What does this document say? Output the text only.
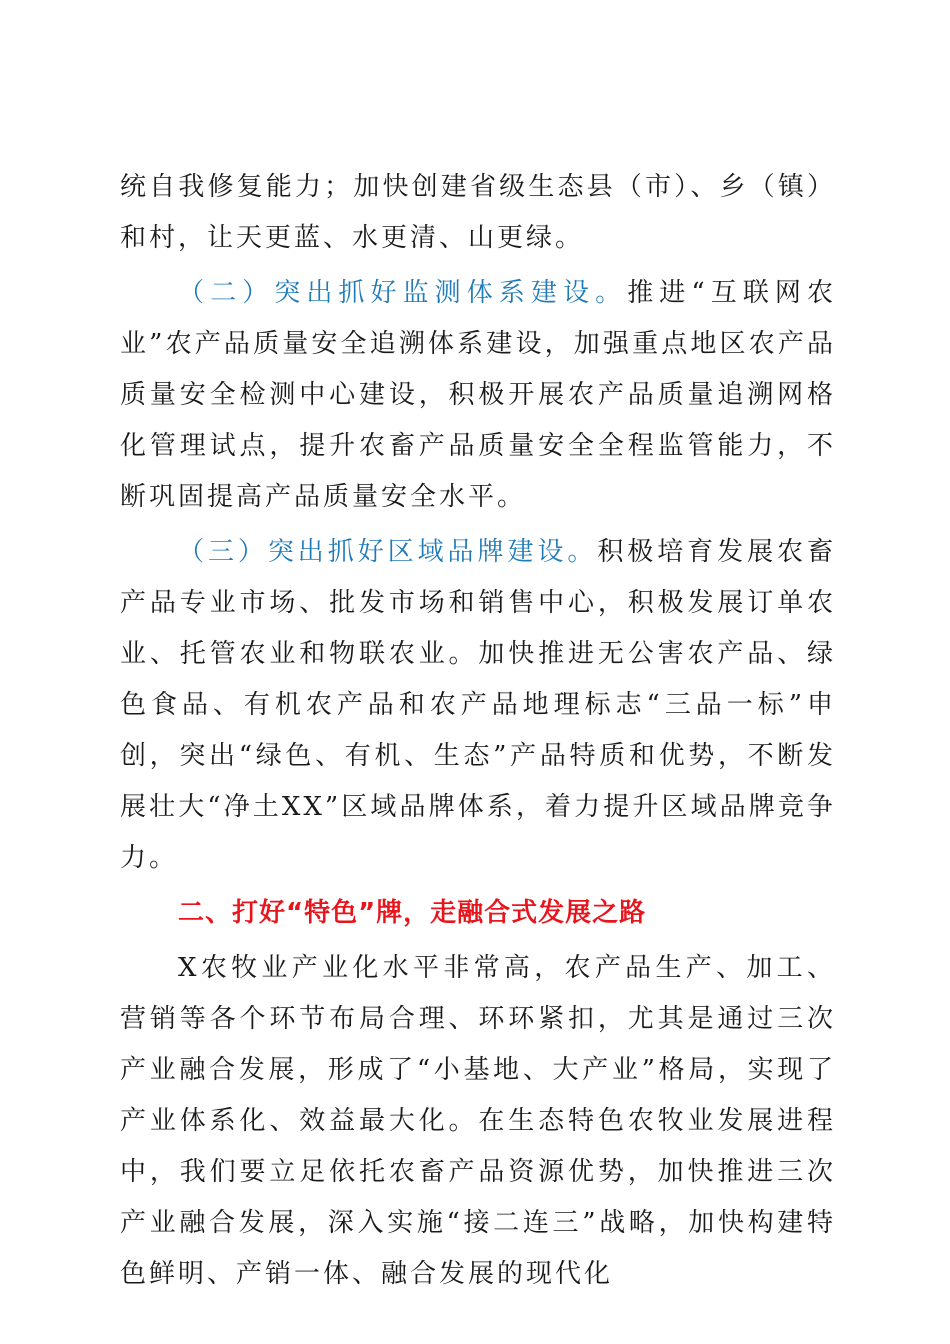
统自我修复能力；加快创建省级生态县（市）、乡（镇）和村，让天更蓝、水更清、山更绿。

（二）突出抓好监测体系建设。推进“互联网农业”农产品质量安全追溯体系建设，加强重点地区农产品质量安全检测中心建设，积极开展农产品质量追溯网格化管理试点，提升农畜产品质量安全全程监管能力，不断巩固提高产品质量安全水平。

（三）突出抓好区域品牌建设。积极培育发展农畜产品专业市场、批发市场和销售中心，积极发展订单农业、托管农业和物联农业。加快推进无公害农产品、绿色食品、有机农产品和农产品地理标志“三品一标”申创，突出“绿色、有机、生态”产品特质和优势，不断发展壮大“净土XX”区域品牌体系，着力提升区域品牌竞争力。

二、打好“特色”牌，走融合式发展之路

X农牧业产业化水平非常高，农产品生产、加工、营销等各个环节布局合理、环环紧扣，尤其是通过三次产业融合发展，形成了“小基地、大产业”格局，实现了产业体系化、效益最大化。在生态特色农牧业发展进程中，我们要立足依托农畜产品资源优势，加快推进三次产业融合发展，深入实施“接二连三”战略，加快构建特色鲜明、产销一体、融合发展的现代化
